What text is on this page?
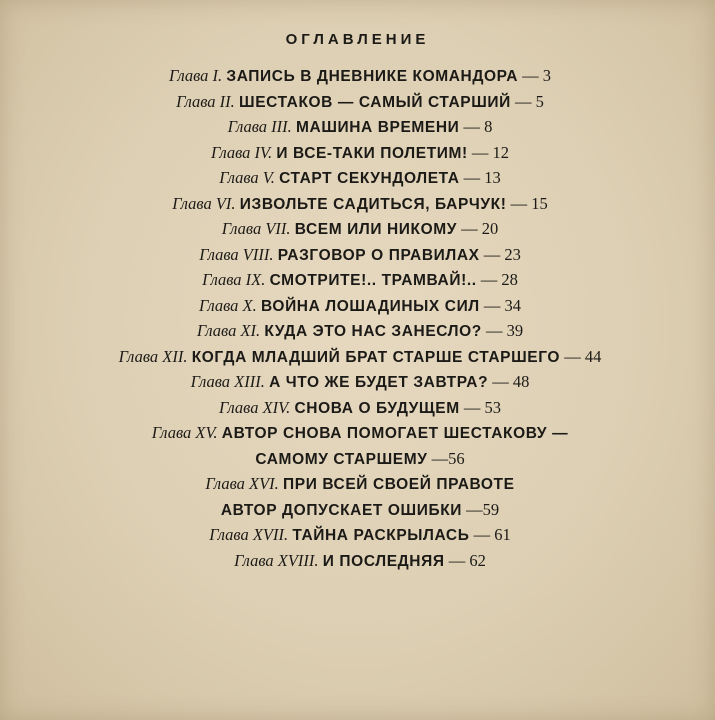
ОГЛАВЛЕНИЕ
Глава I. ЗАПИСЬ В ДНЕВНИКЕ КОМАНДОРА — 3
Глава II. ШЕСТАКОВ — САМЫЙ СТАРШИЙ — 5
Глава III. МАШИНА ВРЕМЕНИ — 8
Глава IV. И ВСЕ-ТАКИ ПОЛЕТИМ! — 12
Глава V. СТАРТ СЕКУНДОЛЕТА — 13
Глава VI. ИЗВОЛЬТЕ САДИТЬСЯ, БАРЧУК! — 15
Глава VII. ВСЕМ ИЛИ НИКОМУ — 20
Глава VIII. РАЗГОВОР О ПРАВИЛАХ — 23
Глава IX. СМОТРИТЕ!.. ТРАМВАЙ!.. — 28
Глава X. ВОЙНА ЛОШАДИНЫХ СИЛ — 34
Глава XI. КУДА ЭТО НАС ЗАНЕСЛО? — 39
Глава XII. КОГДА МЛАДШИЙ БРАТ СТАРШЕ СТАРШЕГО — 44
Глава XIII. А ЧТО ЖЕ БУДЕТ ЗАВТРА? — 48
Глава XIV. СНОВА О БУДУЩЕМ — 53
Глава XV. АВТОР СНОВА ПОМОГАЕТ ШЕСТАКОВУ —
САМОМУ СТАРШЕМУ —56
Глава XVI. ПРИ ВСЕЙ СВОЕЙ ПРАВОТЕ
АВТОР ДОПУСКАЕТ ОШИБКИ —59
Глава XVII. ТАЙНА РАСКРЫЛАСЬ — 61
Глава XVIII. И ПОСЛЕДНЯЯ — 62
